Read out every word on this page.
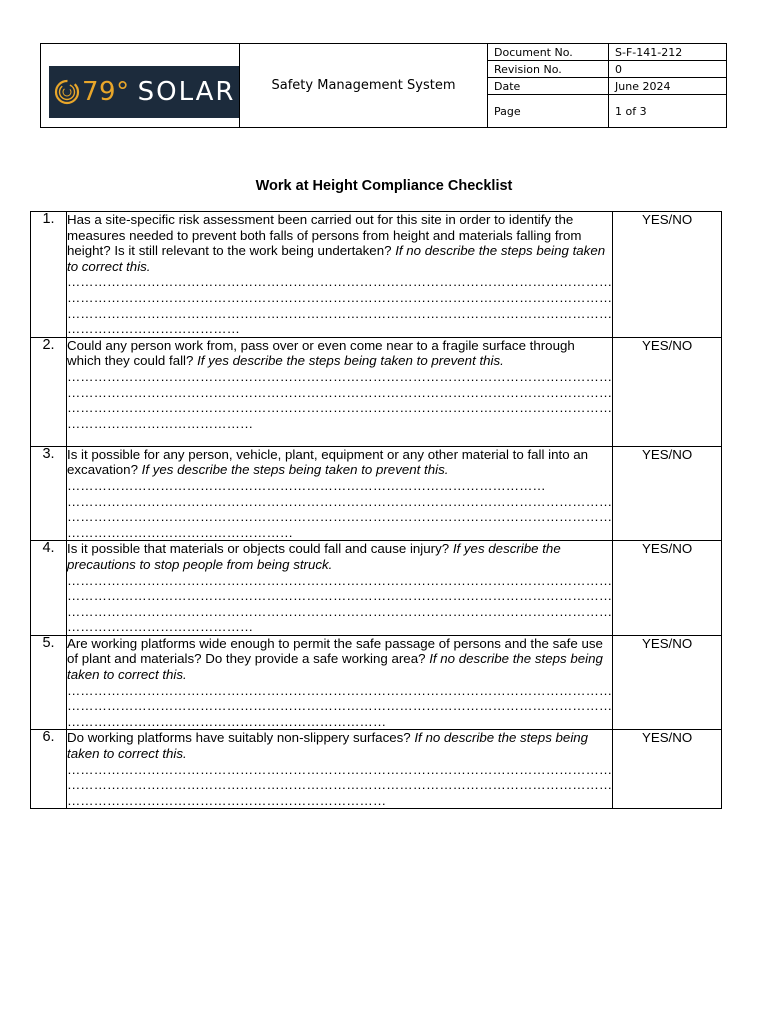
79° SOLAR	Safety Management System
Document No.	S-F-141-212
Revision No.	0
Date	June 2024
Page	1 of 3
Work at Height Compliance Checklist
1.	Has a site-specific risk assessment been carried out for this site in order to identify the measures needed to prevent both falls of persons from height and materials falling from height? Is it still relevant to the work being undertaken? If no describe the steps being taken to correct this.
……………………………………………………………………………………………………………
……………………………………………………………………………………………………………
……………………………………………………………………………………………………………
…………………………………	YES/NO
2.	Could any person work from, pass over or even come near to a fragile surface through which they could fall? If yes describe the steps being taken to prevent this.
……………………………………………………………………………………………………………
……………………………………………………………………………………………………………
……………………………………………………………………………………………………………
……………………………………	YES/NO
3.	Is it possible for any person, vehicle, plant, equipment or any other material to fall into an excavation? If yes describe the steps being taken to prevent this. ………………………………………………………………………………………………
……………………………………………………………………………………………………………
……………………………………………………………………………………………………………
……………………………………………	YES/NO
4.	Is it possible that materials or objects could fall and cause injury? If yes describe the precautions to stop people from being struck.
……………………………………………………………………………………………………………
……………………………………………………………………………………………………………
……………………………………………………………………………………………………………
……………………………………	YES/NO
5.	Are working platforms wide enough to permit the safe passage of persons and the safe use of plant and materials? Do they provide a safe working area? If no describe the steps being taken to correct this.
……………………………………………………………………………………………………………
……………………………………………………………………………………………………………
………………………………………………………………	YES/NO
6.	Do working platforms have suitably non-slippery surfaces? If no describe the steps being taken to correct this.
……………………………………………………………………………………………………………
……………………………………………………………………………………………………………
………………………………………………………………	YES/NO
